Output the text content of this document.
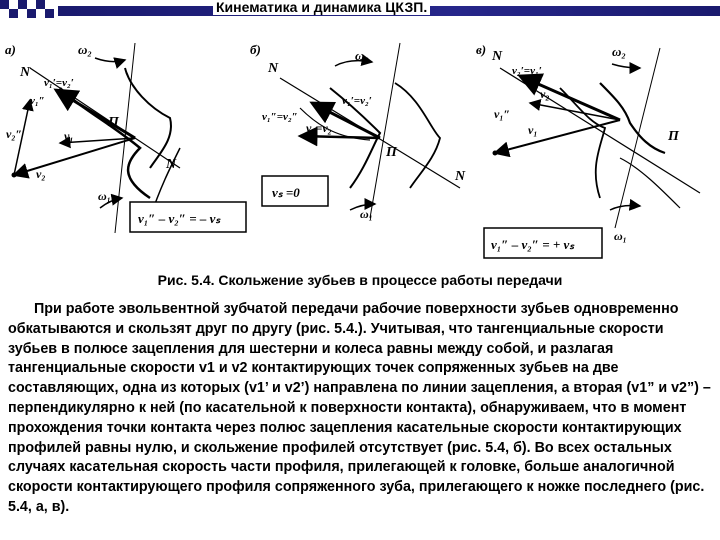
Кинематика и динамика ЦКЗП.
а)	ω₂
ω₁
N
N
П
v₁′=v₂′
v₁″
v₂″	v₁
v₂
v₁″ – v₂″ = – vₛ
б)	ω₂
ω₁
N
N
П
v₁′=v₂′
v₁″=v₂″
v₁=v₂
vₛ =0
в)	ω₂
ω₁
N
П
v₂′=v₁′
v₁″
v₂
v₁
v₁″ – v₂″ = + vₛ
Рис. 5.4. Скольжение зубьев в процессе работы передачи

При работе эвольвентной зубчатой передачи рабочие поверхности зубьев одновременно обкатываются и скользят друг по другу (рис. 5.4.). Учитывая, что тангенциальные скорости зубьев в полюсе зацепления для шестерни и колеса равны между собой, и разлагая тангенциальные скорости v1 и v2 контактирующих точек сопряженных зубьев на две составляющих, одна из которых (v1’ и v2’) направлена по линии зацепления, а вторая (v1” и v2”) – перпендикулярно к ней (по касательной к поверхности контакта), обнаруживаем, что в момент прохождения точки контакта через полюс зацепления касательные скорости контактирующих профилей равны нулю, и скольжение профилей отсутствует (рис. 5.4, б). Во всех остальных случаях касательная скорость части профиля, прилегающей к головке, больше аналогичной скорости контактирующего профиля сопряженного зуба, прилегающего к ножке последнего (рис. 5.4, а, в).
